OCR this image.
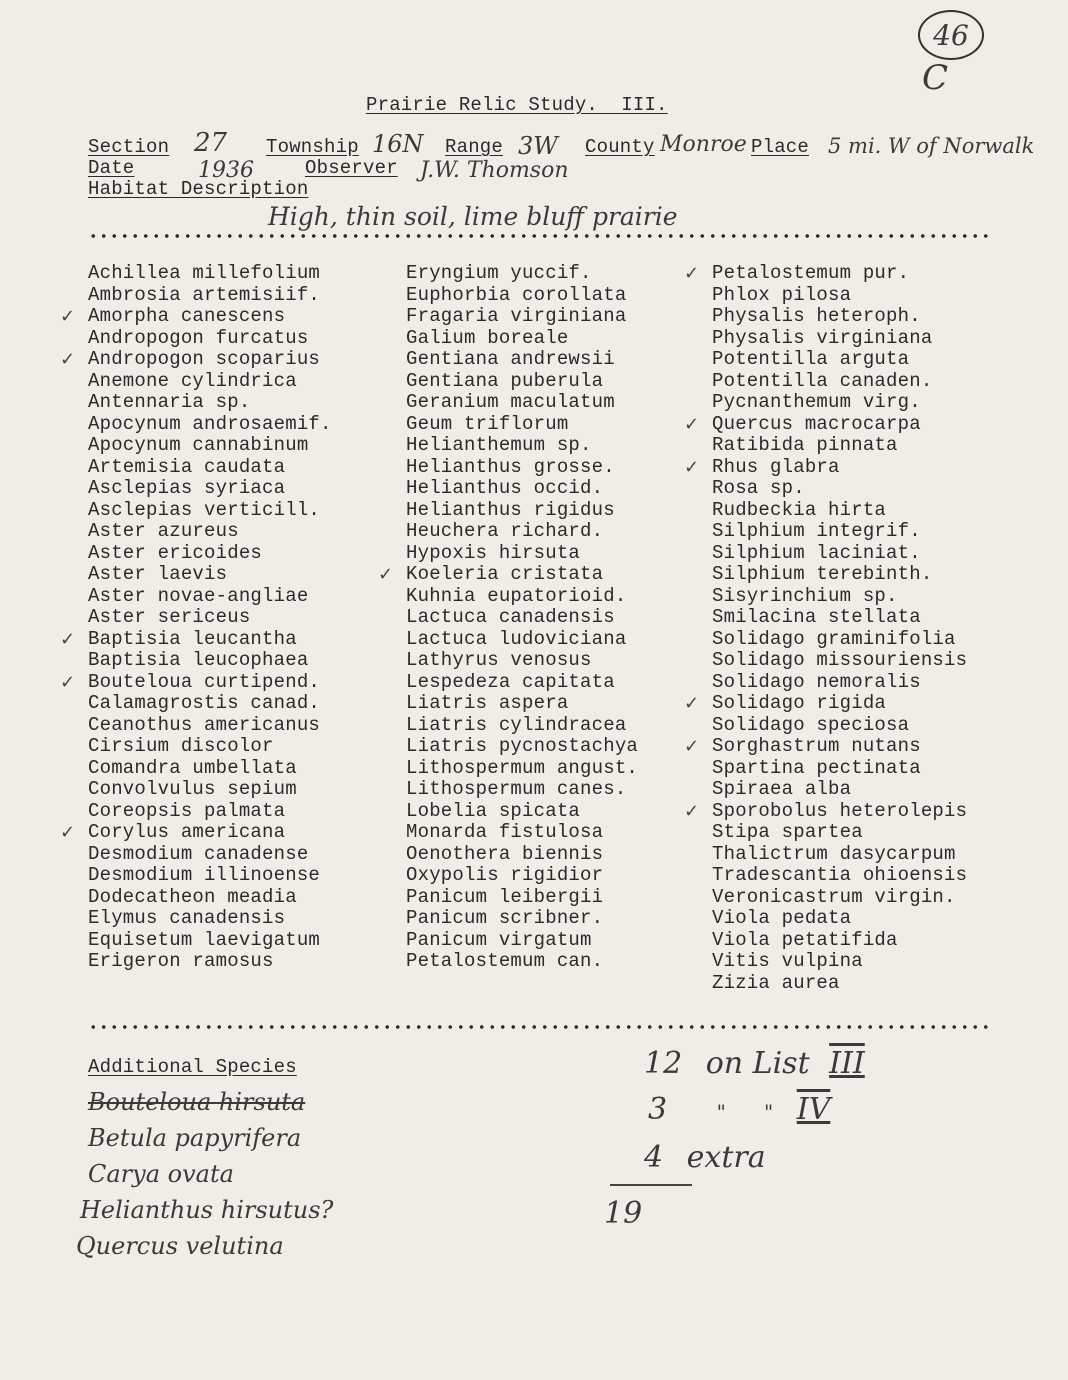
46
C
Prairie Relic Study.  III.
Section 27 Township 16N Range 3W County Monroe Place 5 mi. W of Norwalk
Date	1936	Observer J.W. Thomson
Habitat Description
High, thin soil, lime bluff prairie
Achillea millefolium
Ambrosia artemisiif.
✓ Amorpha canescens
Andropogon furcatus
✓ Andropogon scoparius
Anemone cylindrica
Antennaria sp.
Apocynum androsaemif.
Apocynum cannabinum
Artemisia caudata
Asclepias syriaca
Asclepias verticill.
Aster azureus
Aster ericoides
Aster laevis
Aster novae-angliae
Aster sericeus
✓ Baptisia leucantha
Baptisia leucophaea
✓ Bouteloua curtipend.
Calamagrostis canad.
Ceanothus americanus
Cirsium discolor
Comandra umbellata
Convolvulus sepium
Coreopsis palmata
✓ Corylus americana
Desmodium canadense
Desmodium illinoense
Dodecatheon meadia
Elymus canadensis
Equisetum laevigatum
Erigeron ramosus
Eryngium yuccif.
Euphorbia corollata
Fragaria virginiana
Galium boreale
Gentiana andrewsii
Gentiana puberula
Geranium maculatum
Geum triflorum
Helianthemum sp.
Helianthus grosse.
Helianthus occid.
Helianthus rigidus
Heuchera richard.
Hypoxis hirsuta
✓ Koeleria cristata
Kuhnia eupatorioid.
Lactuca canadensis
Lactuca ludoviciana
Lathyrus venosus
Lespedeza capitata
Liatris aspera
Liatris cylindracea
Liatris pycnostachya
Lithospermum angust.
Lithospermum canes.
Lobelia spicata
Monarda fistulosa
Oenothera biennis
Oxypolis rigidior
Panicum leibergii
Panicum scribner.
Panicum virgatum
Petalostemum can.
✓ Petalostemum pur.
Phlox pilosa
Physalis heteroph.
Physalis virginiana
Potentilla arguta
Potentilla canaden.
Pycnanthemum virg.
✓ Quercus macrocarpa
Ratibida pinnata
✓ Rhus glabra
Rosa sp.
Rudbeckia hirta
Silphium integrif.
Silphium laciniat.
Silphium terebinth.
Sisyrinchium sp.
Smilacina stellata
Solidago graminifolia
Solidago missouriensis
Solidago nemoralis
✓ Solidago rigida
Solidago speciosa
✓ Sorghastrum nutans
Spartina pectinata
Spiraea alba
✓ Sporobolus heterolepis
Stipa spartea
Thalictrum dasycarpum
Tradescantia ohioensis
Veronicastrum virgin.
Viola pedata
Viola petatifida
Vitis vulpina
Zizia aurea
Additional Species
Bouteloua hirsuta
Betula papyrifera
Carya ovata
Helianthus hirsutus?
Quercus velutina
12 on List III
3 "      " IV
4 extra
19
